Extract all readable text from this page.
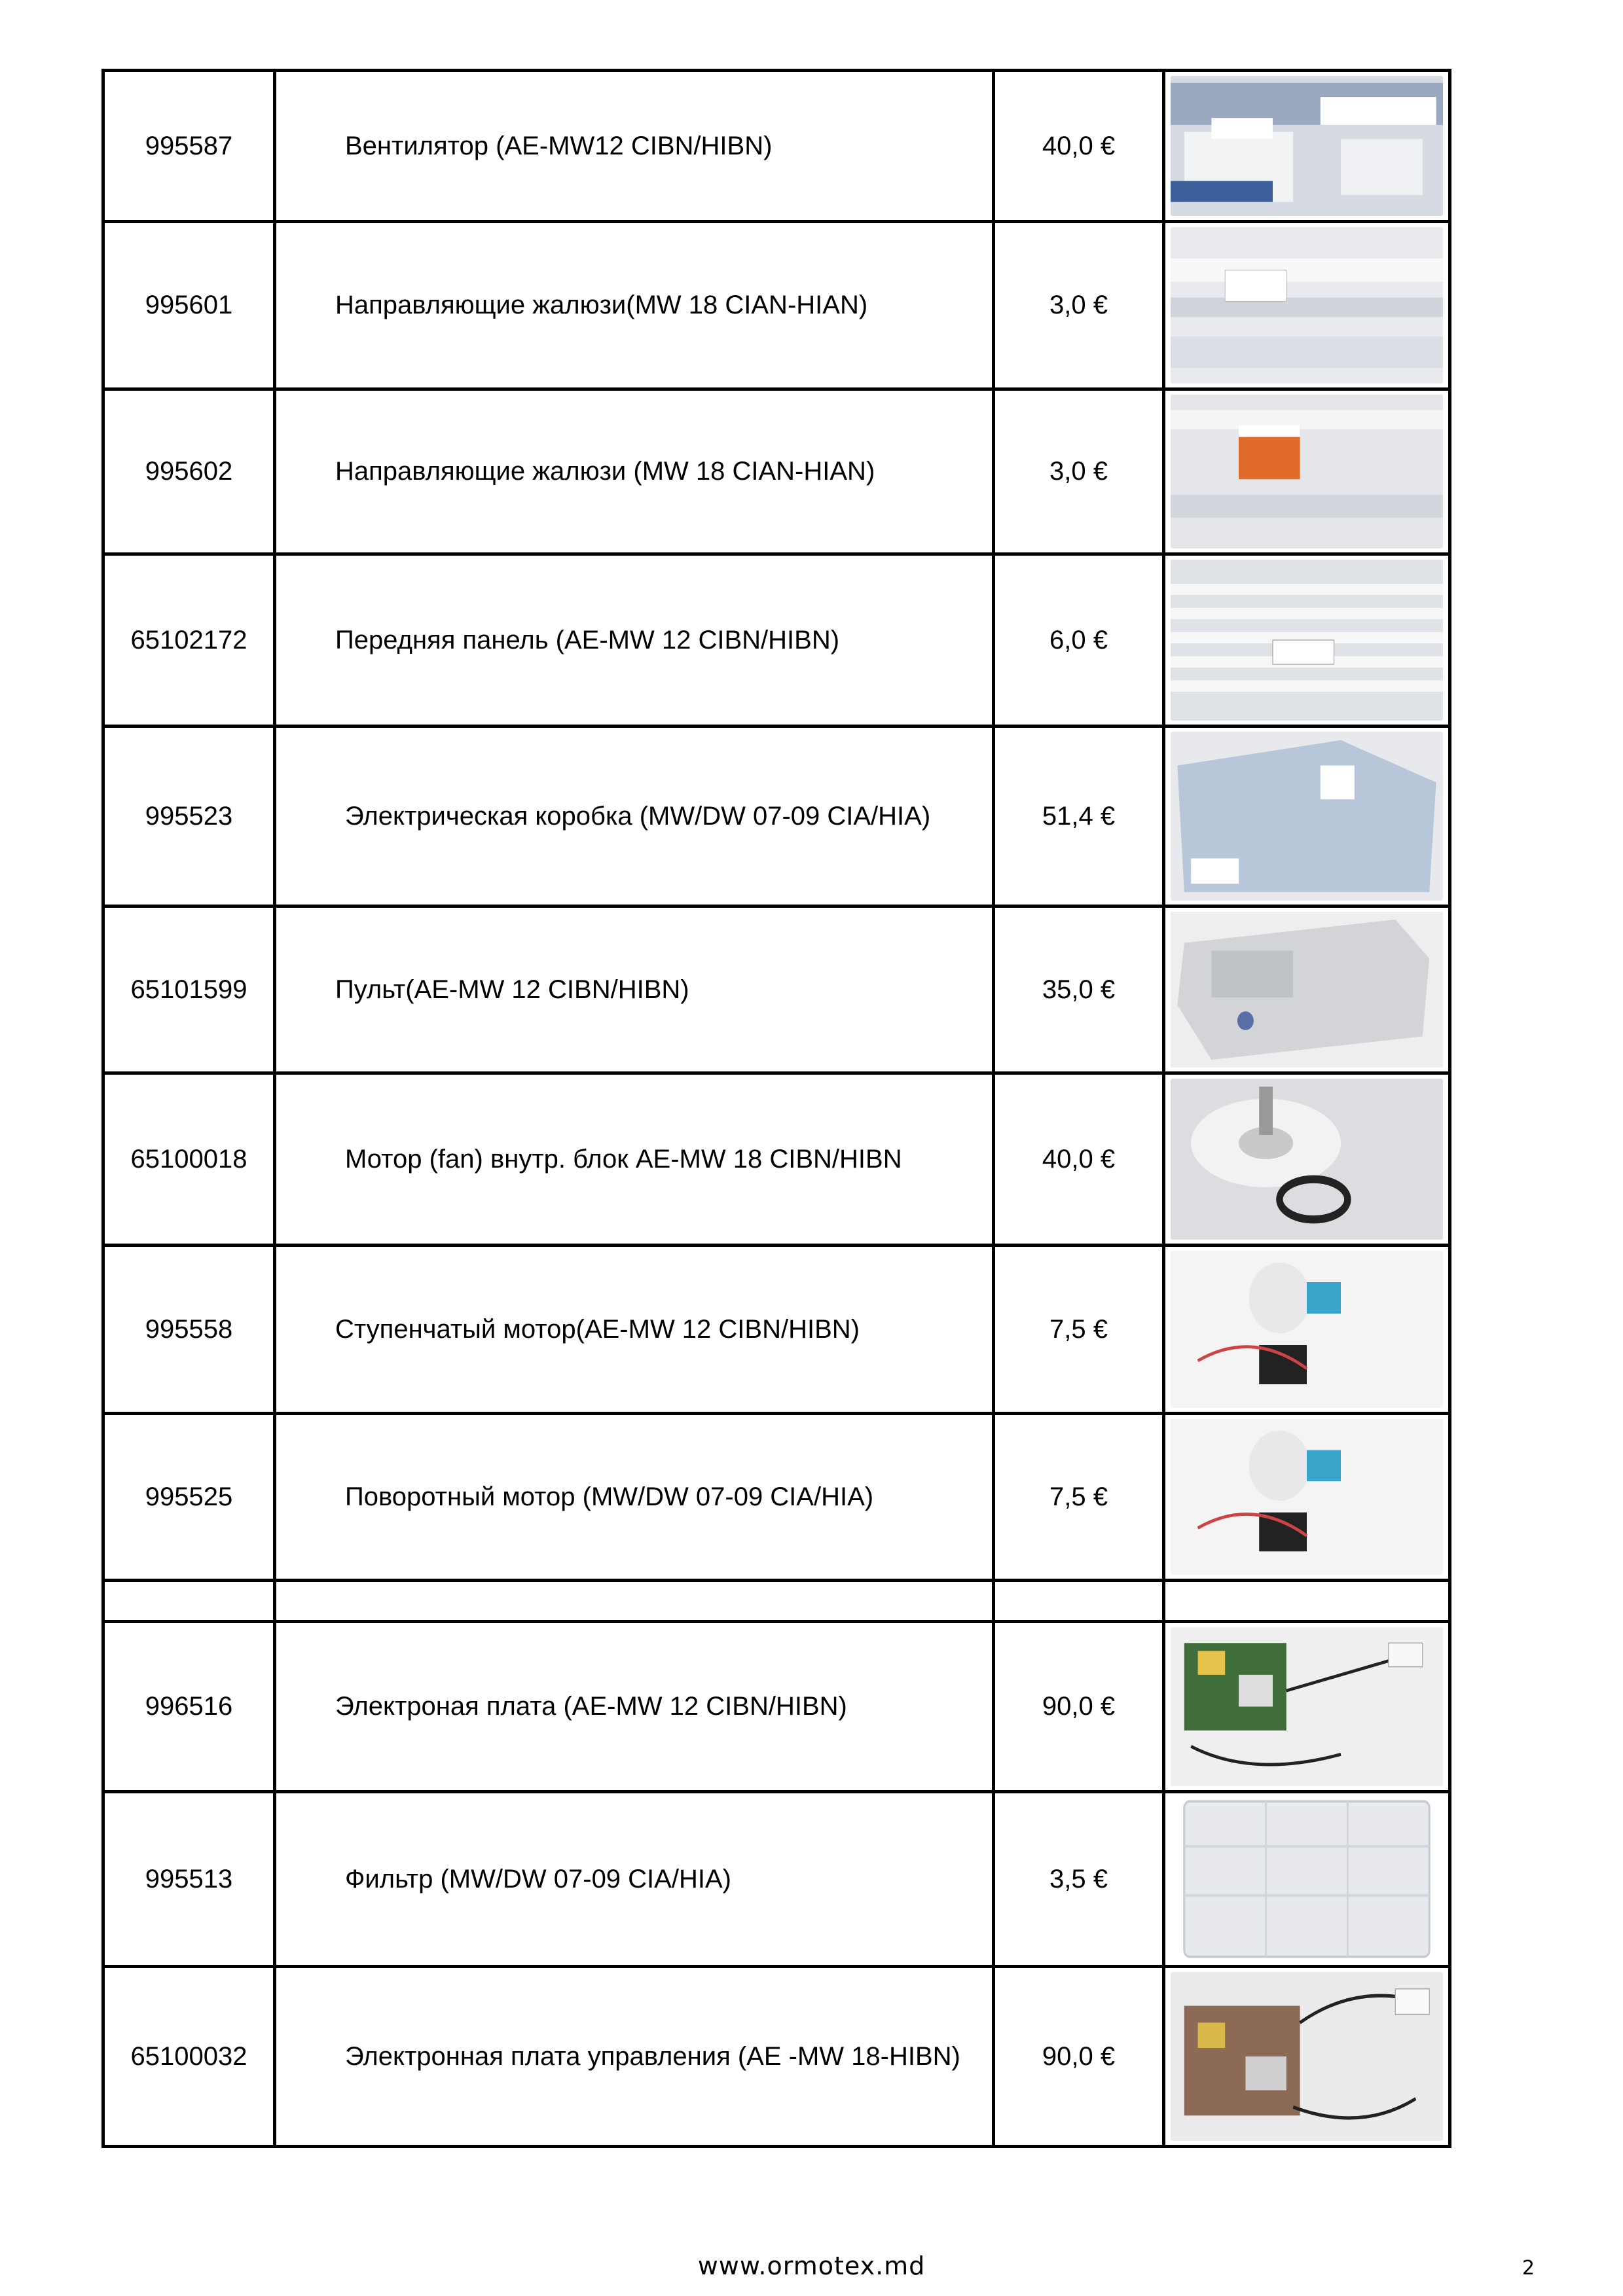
995587	Вентилятор (AE-MW12 CIBN/HIBN)	40,0 €
995601	Направляющие жалюзи(MW 18 CIAN-HIAN)	3,0 €
995602	Направляющие жалюзи (MW 18 CIAN-HIAN)	3,0 €
65102172	Передняя панель (AE-MW 12 CIBN/HIBN)	6,0 €
995523	Электрическая коробка (MW/DW 07-09 CIA/HIA)	51,4 €
65101599	Пульт(AE-MW 12 CIBN/HIBN)	35,0 €
65100018	Мотор (fan) внутр. блок AE-MW 18 CIBN/HIBN	40,0 €
995558	Ступенчатый мотор(AE-MW 12 CIBN/HIBN)	7,5 €
995525	Поворотный мотор (MW/DW 07-09 CIA/HIA)	7,5 €
996516	Электроная плата (AE-MW 12 CIBN/HIBN)	90,0 €
995513	Фильтр (MW/DW 07-09 CIA/HIA)	3,5 €
65100032	Электронная плата управления (AE -MW 18-HIBN)	90,0 €
www.ormotex.md	2
